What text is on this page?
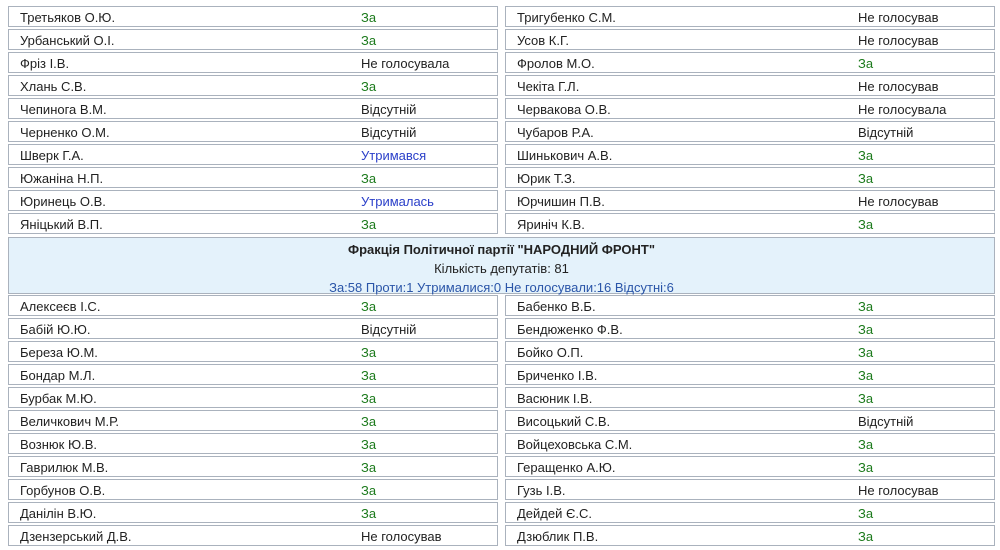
Третьяков О.Ю.	За	Тригубенко С.М.	Не голосував
Урбанський О.І.	За	Усов К.Г.	Не голосував
Фріз І.В.	Не голосувала	Фролов М.О.	За
Хлань С.В.	За	Чекіта Г.Л.	Не голосував
Чепинога В.М.	Відсутній	Червакова О.В.	Не голосувала
Черненко О.М.	Відсутній	Чубаров Р.А.	Відсутній
Шверк Г.А.	Утримався	Шинькович А.В.	За
Южаніна Н.П.	За	Юрик Т.З.	За
Юринець О.В.	Утрималась	Юрчишин П.В.	Не голосував
Яніцький В.П.	За	Яриніч К.В.	За
Фракція Політичної партії "НАРОДНИЙ ФРОНТ"
Кількість депутатів: 81
За:58 Проти:1 Утрималися:0 Не голосували:16 Відсутні:6
Алексеєв І.С.	За	Бабенко В.Б.	За
Бабій Ю.Ю.	Відсутній	Бендюженко Ф.В.	За
Береза Ю.М.	За	Бойко О.П.	За
Бондар М.Л.	За	Бриченко І.В.	За
Бурбак М.Ю.	За	Васюник І.В.	За
Величкович М.Р.	За	Висоцький С.В.	Відсутній
Вознюк Ю.В.	За	Войцеховська С.М.	За
Гаврилюк М.В.	За	Геращенко А.Ю.	За
Горбунов О.В.	За	Гузь І.В.	Не голосував
Данілін В.Ю.	За	Дейдей Є.С.	За
Дзензерський Д.В.	Не голосував	Дзюблик П.В.	За
